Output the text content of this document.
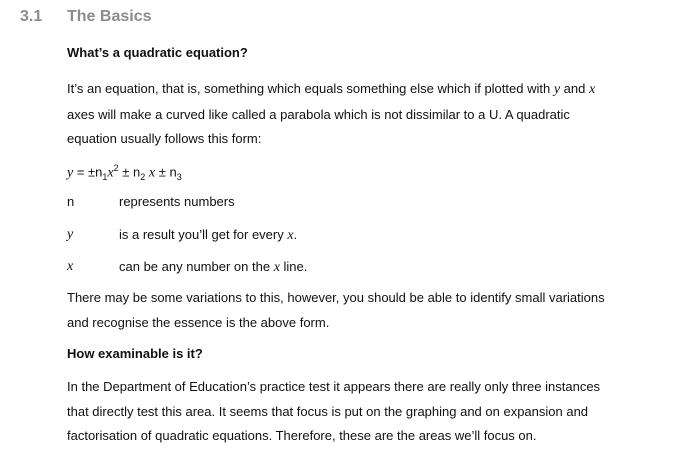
3.1 The Basics
What’s a quadratic equation?
It’s an equation, that is, something which equals something else which if plotted with y and x
axes will make a curved like called a parabola which is not dissimilar to a U. A quadratic
equation usually follows this form:
$y = \pm n_1x^2 \pm n_2$ $x \pm n_3$
n	represents numbers
y	is a result you’ll get for every x.
x	can be any number on the x line.
There may be some variations to this, however, you should be able to identify small variations
and recognise the essence is the above form.
How examinable is it?
In the Department of Education’s practice test it appears there are really only three instances
that directly test this area. It seems that focus is put on the graphing and on expansion and
factorisation of quadratic equations. Therefore, these are the areas we’ll focus on.
